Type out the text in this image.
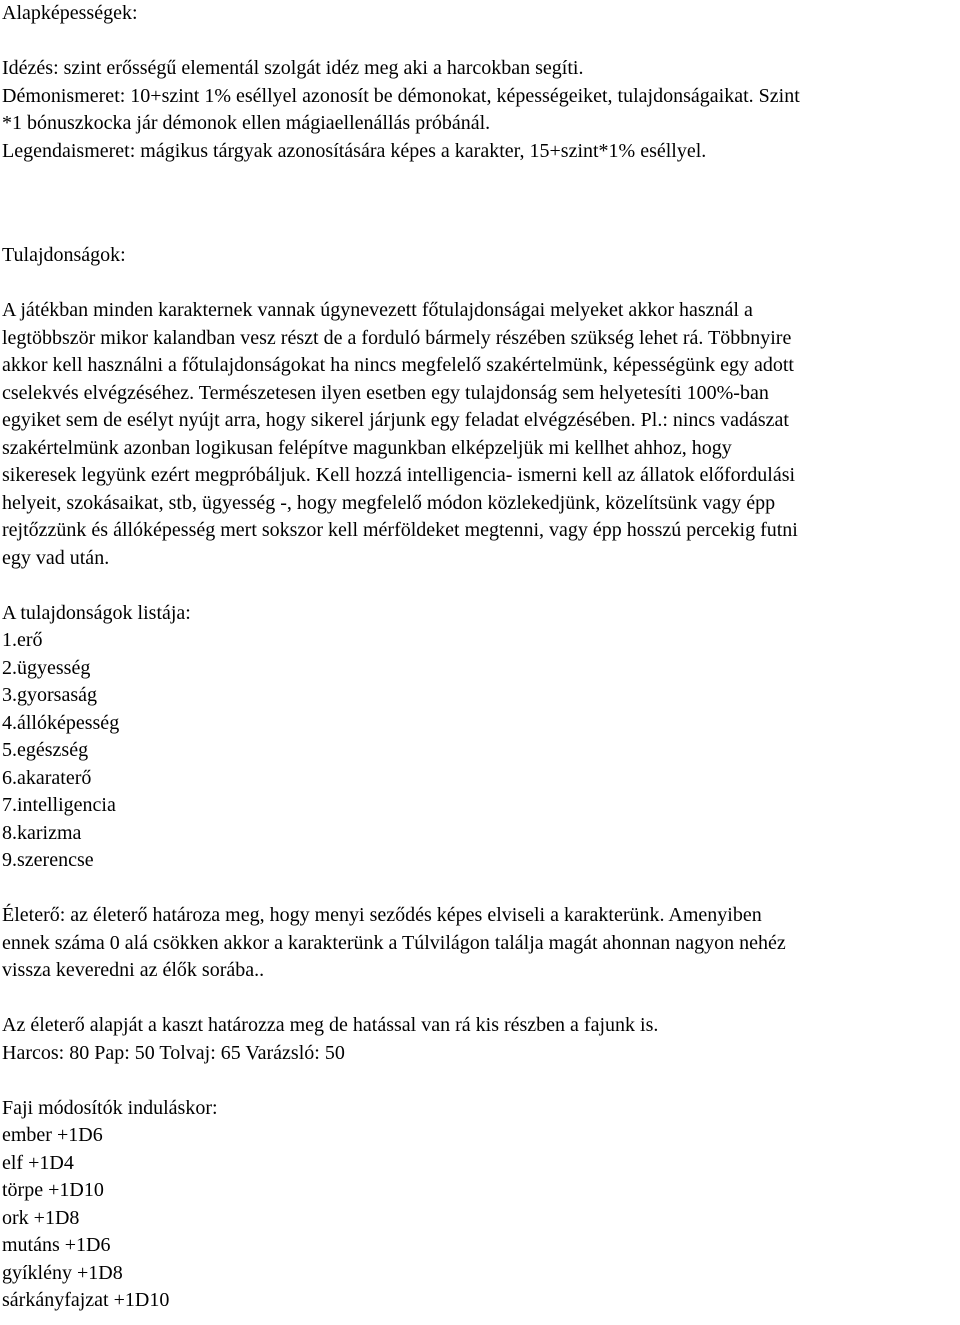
Alapképességek:
Idézés: szint erősségű elementál szolgát idéz meg aki a harcokban segíti.
Démonismeret: 10+szint 1% eséllyel azonosít be démonokat, képességeiket, tulajdonságaikat. Szint
*1 bónuszkocka jár démonok ellen mágiaellenállás próbánál.
Legendaismeret: mágikus tárgyak azonosítására képes a karakter, 15+szint*1% eséllyel.
Tulajdonságok:
A játékban minden karakternek vannak úgynevezett főtulajdonságai melyeket akkor használ a
legtöbbször mikor kalandban vesz részt de a forduló bármely részében szükség lehet rá. Többnyire
akkor kell használni a főtulajdonságokat ha nincs megfelelő szakértelmünk, képességünk egy adott
cselekvés elvégzéséhez. Természetesen ilyen esetben egy tulajdonság sem helyetesíti 100%-ban
egyiket sem de esélyt nyújt arra, hogy sikerel járjunk egy feladat elvégzésében. Pl.: nincs vadászat
szakértelmünk azonban logikusan felépítve magunkban elképzeljük mi kellhet ahhoz, hogy
sikeresek legyünk ezért megpróbáljuk. Kell hozzá intelligencia- ismerni kell az állatok előfordulási
helyeit, szokásaikat, stb, ügyesség -, hogy megfelelő módon közlekedjünk, közelítsünk vagy épp
rejtőzzünk és állóképesség mert sokszor kell mérföldeket megtenni, vagy épp hosszú percekig futni
egy vad után.
A tulajdonságok listája:
1.erő
2.ügyesség
3.gyorsaság
4.állóképesség
5.egészség
6.akaraterő
7.intelligencia
8.karizma
9.szerencse
Életerő: az életerő határoza meg, hogy menyi seződés képes elviseli a karakterünk. Amenyiben
ennek száma 0 alá csökken akkor a karakterünk a Túlvilágon találja magát ahonnan nagyon nehéz
vissza keveredni az élők sorába..
Az életerő alapját a kaszt határozza meg de hatással van rá kis részben a fajunk is.
Harcos: 80 Pap: 50 Tolvaj: 65 Varázsló: 50
Faji módosítók induláskor:
ember +1D6
elf +1D4
törpe +1D10
ork +1D8
mutáns +1D6
gyíklény +1D8
sárkányfajzat +1D10
